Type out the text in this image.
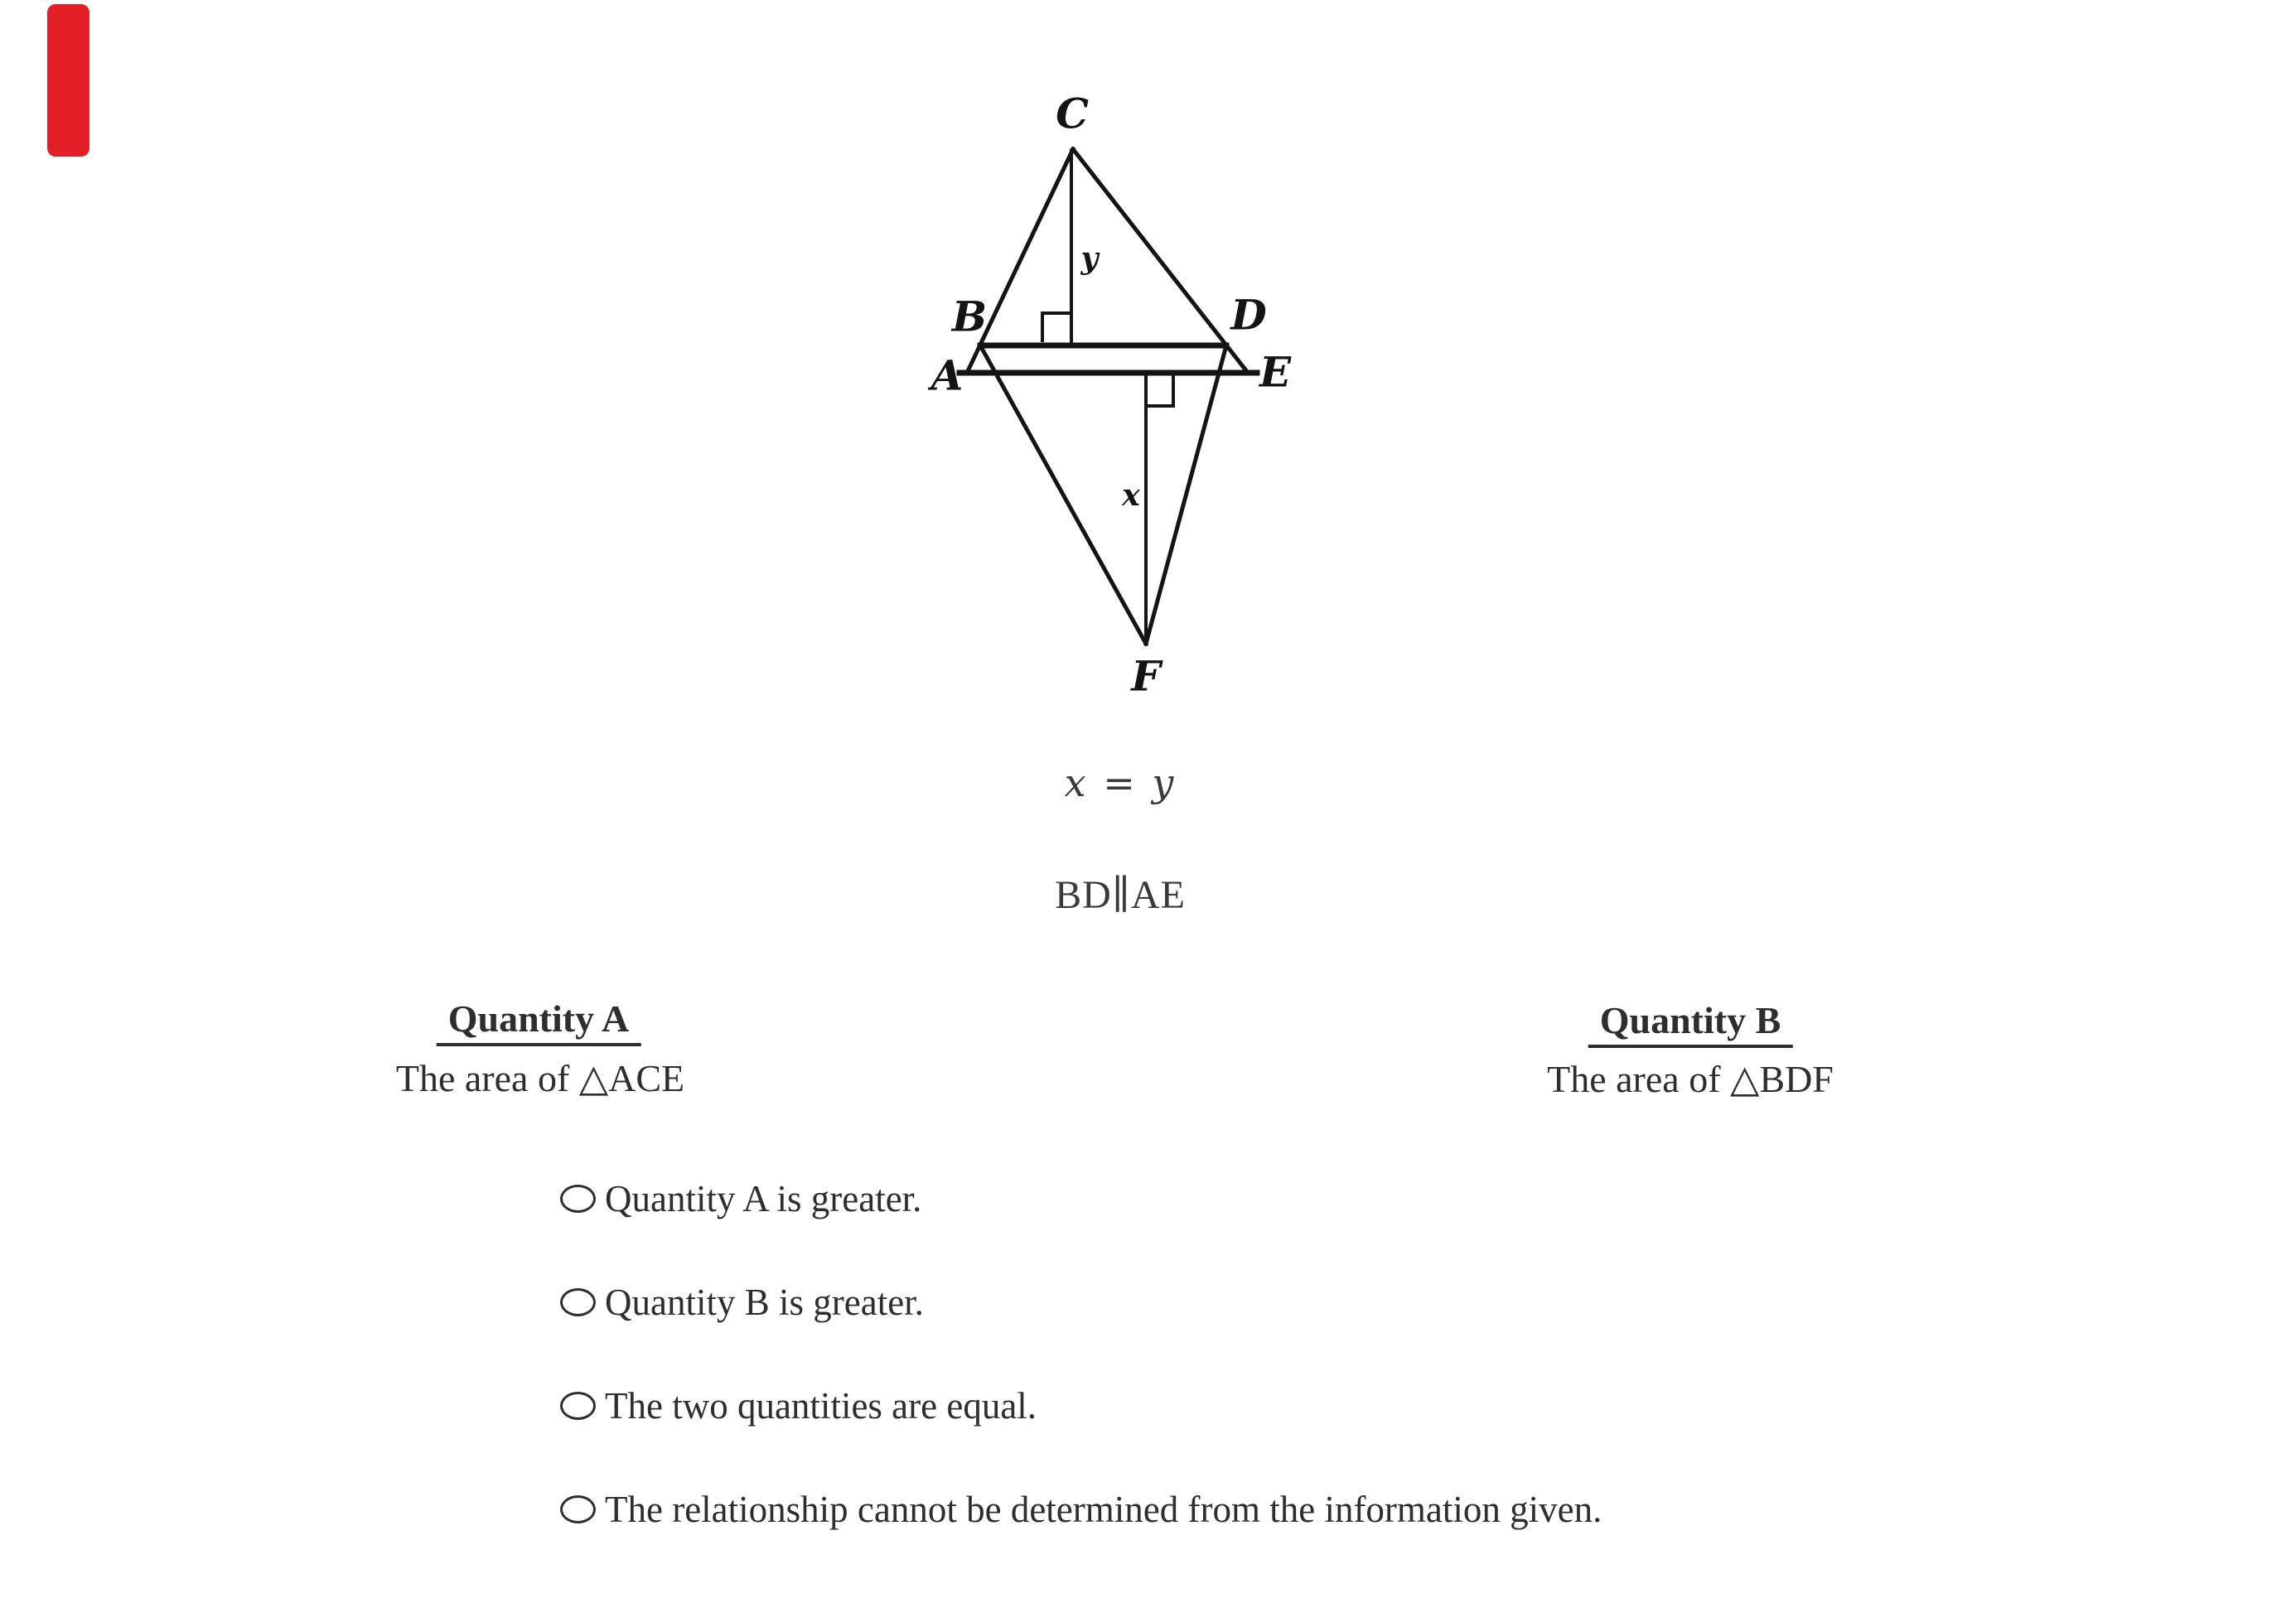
C
B	D
A	E
F
y
x
x = y
BD∥AE
Quantity A
The area of △ACE
Quantity B
The area of △BDF
Quantity A is greater.
Quantity B is greater.
The two quantities are equal.
The relationship cannot be determined from the information given.
